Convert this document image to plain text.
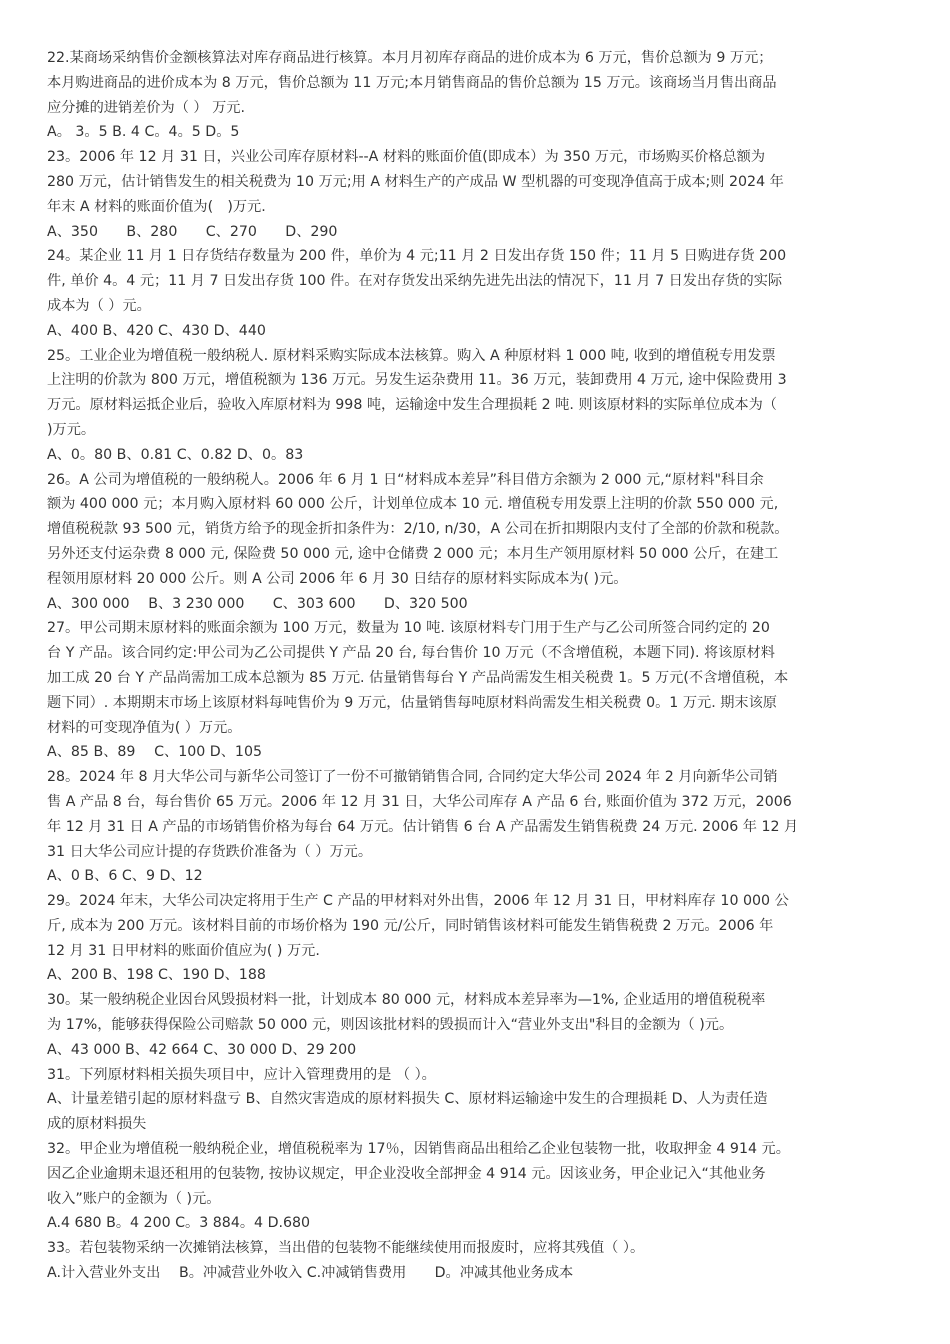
22.某商场采纳售价金额核算法对库存商品进行核算。本月月初库存商品的进价成本为 6 万元，售价总额为 9 万元；
本月购进商品的进价成本为 8 万元，售价总额为 11 万元;本月销售商品的售价总额为 15 万元。该商场当月售出商品
应分摊的进销差价为（ ） 万元.
A。 3。5 B. 4 C。4。5 D。5
23。2006 年 12 月 31 日，兴业公司库存原材料--A 材料的账面价值(即成本）为 350 万元，市场购买价格总额为
280 万元，估计销售发生的相关税费为 10 万元;用 A 材料生产的产成品 W 型机器的可变现净值高于成本;则 2024 年
年末 A 材料的账面价值为(　)万元.
A、350　　B、280　　C、270　　D、290
24。某企业 11 月 1 日存货结存数量为 200 件，单价为 4 元;11 月 2 日发出存货 150 件；11 月 5 日购进存货 200
件, 单价 4。4 元；11 月 7 日发出存货 100 件。在对存货发出采纳先进先出法的情况下，11 月 7 日发出存货的实际
成本为（ ）元。
A、400 B、420 C、430 D、440
25。工业企业为增值税一般纳税人. 原材料采购实际成本法核算。购入 A 种原材料 1 000 吨, 收到的增值税专用发票
上注明的价款为 800 万元，增值税额为 136 万元。另发生运杂费用 11。36 万元，装卸费用 4 万元, 途中保险费用 3
万元。原材料运抵企业后，验收入库原材料为 998 吨，运输途中发生合理损耗 2 吨. 则该原材料的实际单位成本为（
)万元。
A、0。80 B、0.81 C、0.82 D、0。83
26。A 公司为增值税的一般纳税人。2006 年 6 月 1 日“材料成本差异”科目借方余额为 2 000 元,“原材料"科目余
额为 400 000 元；本月购入原材料 60 000 公斤，计划单位成本 10 元. 增值税专用发票上注明的价款 550 000 元,
增值税税款 93 500 元，销货方给予的现金折扣条件为：2/10, n/30，A 公司在折扣期限内支付了全部的价款和税款。
另外还支付运杂费 8 000 元, 保险费 50 000 元, 途中仓储费 2 000 元；本月生产领用原材料 50 000 公斤，在建工
程领用原材料 20 000 公斤。则 A 公司 2006 年 6 月 30 日结存的原材料实际成本为( )元。
A、300 000　 B、3 230 000　　C、303 600　　D、320 500
27。甲公司期末原材料的账面余额为 100 万元，数量为 10 吨. 该原材料专门用于生产与乙公司所签合同约定的 20
台 Y 产品。该合同约定:甲公司为乙公司提供 Y 产品 20 台, 每台售价 10 万元（不含增值税，本题下同). 将该原材料
加工成 20 台 Y 产品尚需加工成本总额为 85 万元. 估量销售每台 Y 产品尚需发生相关税费 1。5 万元(不含增值税，本
题下同）. 本期期末市场上该原材料每吨售价为 9 万元，估量销售每吨原材料尚需发生相关税费 0。1 万元. 期末该原
材料的可变现净值为( ）万元。
A、85 B、89　 C、100 D、105
28。2024 年 8 月大华公司与新华公司签订了一份不可撤销销售合同, 合同约定大华公司 2024 年 2 月向新华公司销
售 A 产品 8 台，每台售价 65 万元。2006 年 12 月 31 日，大华公司库存 A 产品 6 台, 账面价值为 372 万元，2006
年 12 月 31 日 A 产品的市场销售价格为每台 64 万元。估计销售 6 台 A 产品需发生销售税费 24 万元. 2006 年 12 月
31 日大华公司应计提的存货跌价准备为（ ）万元。
A、0 B、6 C、9 D、12
29。2024 年末，大华公司决定将用于生产 C 产品的甲材料对外出售，2006 年 12 月 31 日，甲材料库存 10 000 公
斤, 成本为 200 万元。该材料目前的市场价格为 190 元/公斤，同时销售该材料可能发生销售税费 2 万元。2006 年
12 月 31 日甲材料的账面价值应为( ) 万元.
A、200 B、198 C、190 D、188
30。某一般纳税企业因台风毁损材料一批，计划成本 80 000 元，材料成本差异率为—1%, 企业适用的增值税税率
为 17%，能够获得保险公司赔款 50 000 元，则因该批材料的毁损而计入“营业外支出"科目的金额为（ )元。
A、43 000 B、42 664 C、30 000 D、29 200
31。下列原材料相关损失项目中，应计入管理费用的是 （ ）。
A、计量差错引起的原材料盘亏 B、自然灾害造成的原材料损失 C、原材料运输途中发生的合理损耗 D、人为责任造
成的原材料损失
32。甲企业为增值税一般纳税企业，增值税税率为 17％，因销售商品出租给乙企业包装物一批，收取押金 4 914 元。
因乙企业逾期未退还租用的包装物, 按协议规定，甲企业没收全部押金 4 914 元。因该业务，甲企业记入“其他业务
收入”账户的金额为（ )元。
A.4 680 B。4 200 C。3 884。4 D.680
33。若包装物采纳一次摊销法核算，当出借的包装物不能继续使用而报废时，应将其残值（ ）。
A.计入营业外支出　 B。冲减营业外收入 C.冲减销售费用　　D。冲减其他业务成本
